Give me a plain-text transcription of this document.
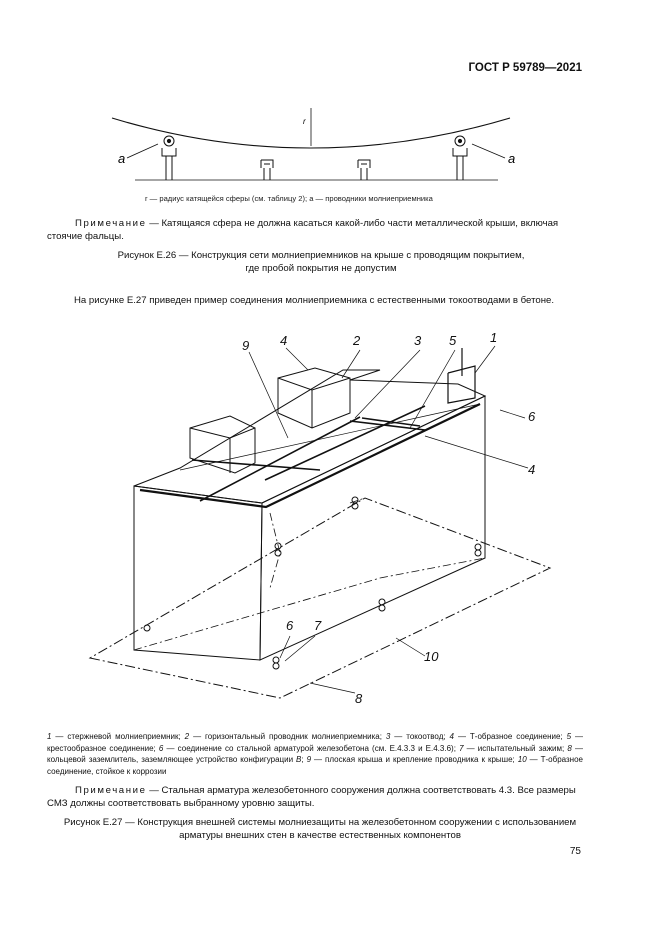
ГОСТ Р 59789—2021
r
a	a
r — радиус катящейся сферы (см. таблицу 2); a — проводники молниеприемника
Примечание — Катящаяся сфера не должна касаться какой-либо части металлической крыши, включая стоячие фальцы.
Рисунок Е.26 — Конструкция сети молниеприемников на крыше с проводящим покрытием,
где пробой покрытия не допустим
На рисунке Е.27 приведен пример соединения молниеприемника с естественными токоотводами в бетоне.
4	2	3 5	1
9
6
4
6 7
10
8
1 — стержневой молниеприемник; 2 — горизонтальный проводник молниеприемника; 3 — токоотвод; 4 — Т-образное соединение; 5 — крестообразное соединение; 6 — соединение со стальной арматурой железобетона (см. Е.4.3.3 и Е.4.3.6); 7 — испытательный зажим; 8 — кольцевой заземлитель, заземляющее устройство конфигурации B; 9 — плоская крыша и крепление проводника к крыше; 10 — Т-образное соединение, стойкое к коррозии
Примечание — Стальная арматура железобетонного сооружения должна соответствовать 4.3. Все размеры СМЗ должны соответствовать выбранному уровню защиты.
Рисунок Е.27 — Конструкция внешней системы молниезащиты на железобетонном сооружении с использованием
арматуры внешних стен в качестве естественных компонентов
75
